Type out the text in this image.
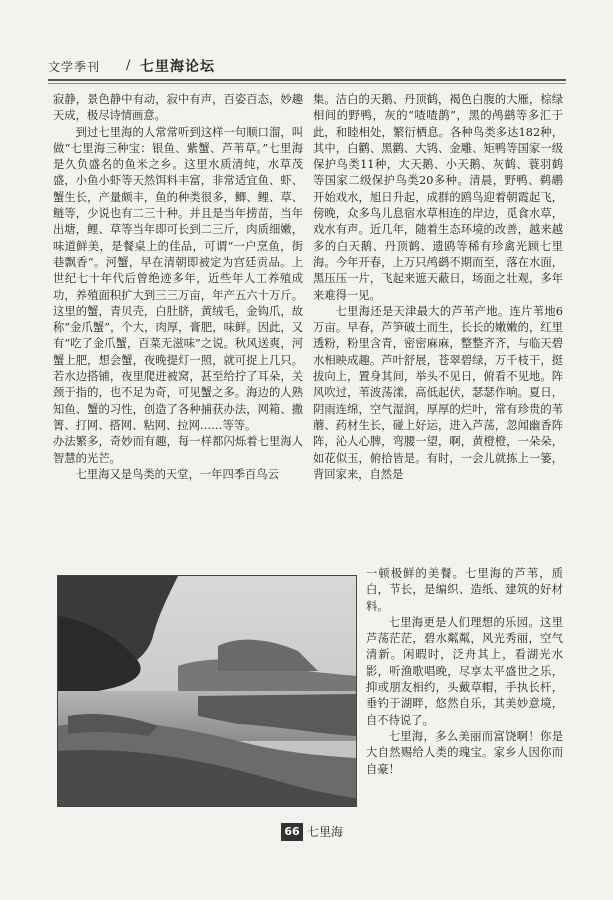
文学季刊 / 七里海论坛

寂静，景色静中有动，寂中有声，百姿百态，妙趣天成，极尽诗情画意。

到过七里海的人常常听到这样一句顺口溜，叫做“七里海三种宝：银鱼、紫蟹、芦苇草。”七里海是久负盛名的鱼米之乡。这里水质清纯，水草茂盛，小鱼小虾等天然饵料丰富，非常适宜鱼、虾、蟹生长，产量颇丰，鱼的种类很多，鲫、鲤、草、鲢等，少说也有二三十种。并且是当年捞苗，当年出塘，鲤、草等当年即可长到二三斤，肉质细嫩，味道鲜美，是餐桌上的佳品，可谓“一户烹鱼，街巷飘香”。河蟹，早在清朝即被定为宫廷贡品。上世纪七十年代后曾绝迹多年，近些年人工养殖成功，养殖面积扩大到三三万亩，年产五六十万斤。这里的蟹，青贝壳，白肚脐，黄绒毛，金钩爪，故称“金爪蟹”，个大，肉厚，膏肥，味鲜。因此，又有“吃了金爪蟹，百菜无滋味”之说。秋风送爽，河蟹上肥，想会蟹，夜晚提灯一照，就可捉上几只。若水边搭铺，夜里爬进被窝，甚至给拧了耳朵，关颈于指的，也不足为奇，可见蟹之多。海边的人熟知鱼、蟹的习性，创造了各种捕获办法，网箱、撒箐、打网、搭网、粘网、拉网……等等。

办法繁多，奇妙而有趣，每一样都闪烁着七里海人智慧的光芒。

七里海又是鸟类的天堂，一年四季百鸟云

集。洁白的天鹅、丹顶鹤，褐色白腹的大雁，棕绿相间的野鸭，灰的“喳喳鹊”，黑的鸬鹚等多汇于此，和睦相处，繁衍栖息。各种鸟类多达182种，其中，白鹳、黑鹳、大鸨、金雕、矩鸭等国家一级保护鸟类11种，大天鹅、小天鹅、灰鹤、蓑羽鹤等国家二级保护鸟类20多种。清晨，野鸭、鹈鹕开始戏水，旭日升起，成群的鸥鸟迎着朝霞起飞，傍晚，众多鸟儿息宿水草相连的岸边，觅食水草，戏水有声。近几年，随着生态环境的改善，越来越多的白天鹅、丹顶鹤、遗鸥等稀有珍禽光顾七里海。今年开春，上万只鸬鹚不期而至，落在水面，黑压压一片，飞起来遮天蔽日，场面之壮观，多年来难得一见。

七里海还是天津最大的芦苇产地。连片苇地6万亩。早春，芦笋破土而生，长长的嫩嫩的，红里透粉，粉里含青，密密麻麻，整整齐齐，与临天碧水相映成趣。芦叶舒展，苍翠碧绿，万千枝干，挺拔向上，置身其间，举头不见日，俯看不见地。阵风吹过，苇波荡漾，高低起伏，瑟瑟作响。夏日，阴雨连绵，空气湿润，厚厚的烂叶，常有珍贵的苇蘑、药材生长，碰上好运，进入芦荡，忽闻幽香阵阵，沁人心脾，弯腰一望，啊，黄橙橙，一朵朵，如花似玉，俯拾皆是。有时，一会儿就拣上一篓，背回家来，自然是

一顿极鲜的美餐。七里海的芦苇，质白，节长，是编织、造纸、建筑的好材料。

七里海更是人们理想的乐园。这里芦荡茫茫，碧水粼粼，风光秀丽，空气清新。闲暇时，泛舟其上，看湖光水影，听渔歌唱晚，尽享太平盛世之乐，抑或朋友相约，头戴草帽，手执长杆，垂钓于湖畔，悠然自乐，其美妙意境，自不待说了。

七里海，多么美丽而富饶啊！你是大自然赐给人类的瑰宝。家乡人因你而自豪！

66 七里海
